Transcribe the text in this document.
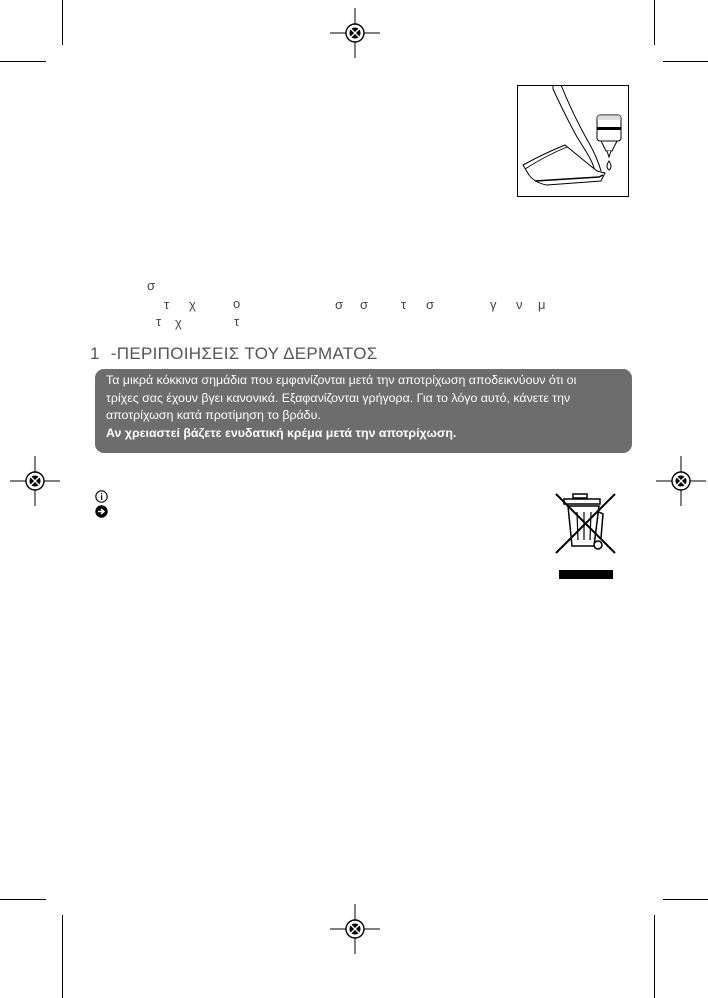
σ
τ χ	ο	σ σ	τ σ	γ ν μ
τ χ	τ
1 -ΠΕΡΙΠΟΙΗΣΕΙΣ ΤΟΥ ΔΕΡΜΑΤΟΣ
Τα μικρά κόκκινα σημάδια που εμφανίζονται μετά την αποτρίχωση αποδεικνύουν ότι οι
τρίχες σας έχουν βγει κανονικά. Εξαφανίζονται γρήγορα. Για το λόγο αυτό, κάνετε την
αποτρίχωση κατά προτίμηση το βράδυ.
Αν χρειαστεί βάζετε ενυδατική κρέμα μετά την αποτρίχωση.
